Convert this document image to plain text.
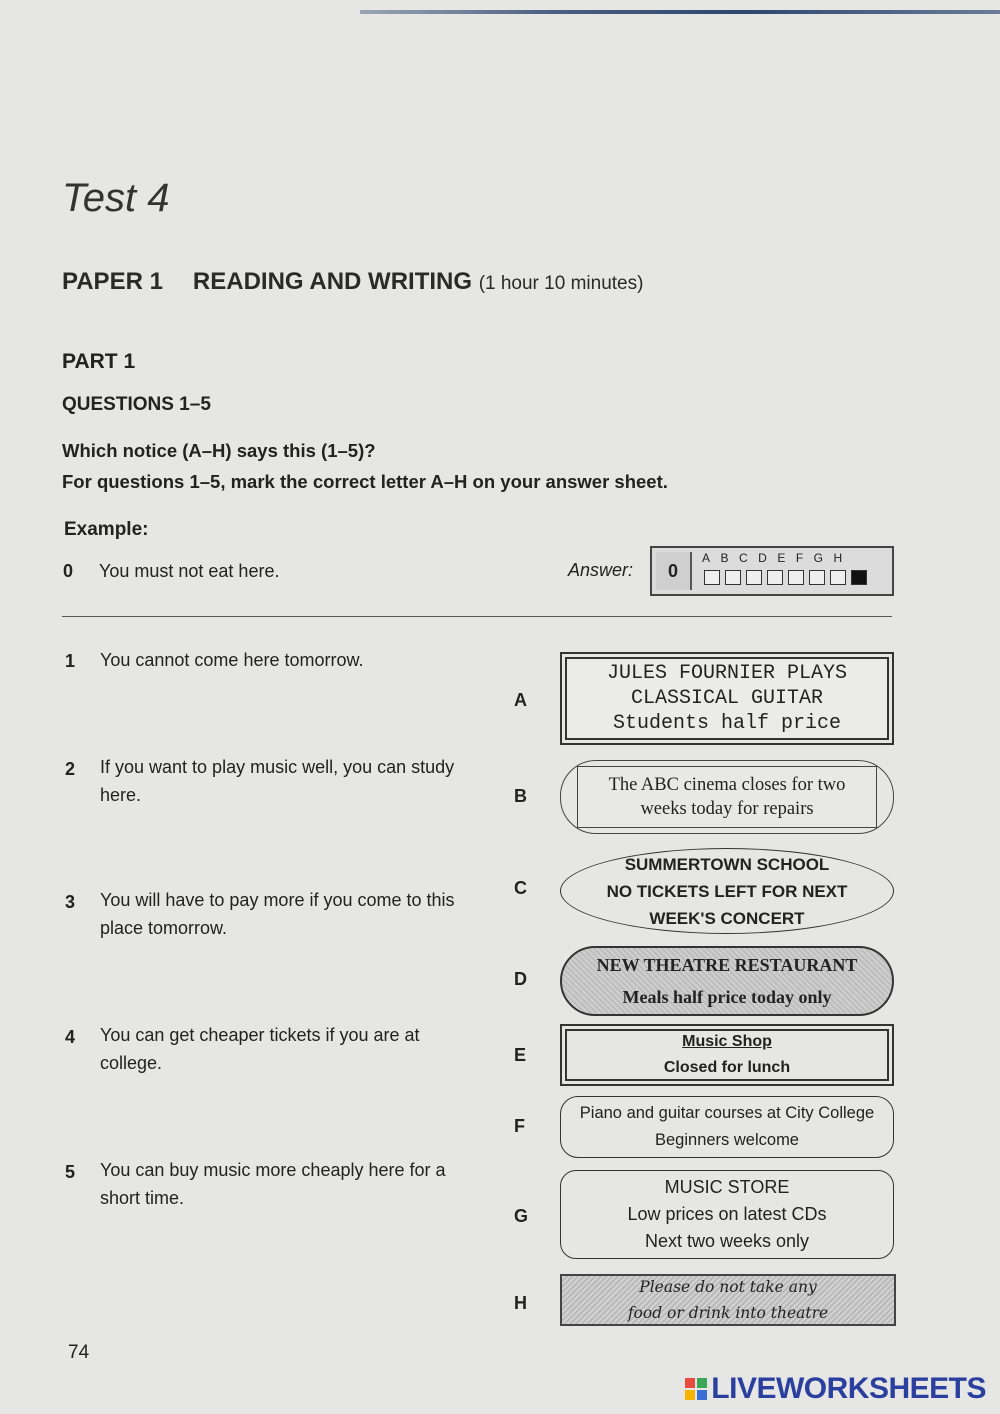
Test 4
PAPER 1 READING AND WRITING (1 hour 10 minutes)
PART 1
QUESTIONS 1–5
Which notice (A–H) says this (1–5)?
For questions 1–5, mark the correct letter A–H on your answer sheet.
Example:
0 You must not eat here.	Answer:	0
ABCDEFGH
1 You cannot come here tomorrow.
2 If you want to play music well, you can study here.
3 You will have to pay more if you come to this place tomorrow.
4 You can get cheaper tickets if you are at college.
5 You can buy music more cheaply here for a short time.
A
B
C
D
E
F
G
H
JULES FOURNIER PLAYS
CLASSICAL GUITAR
Students half price
The ABC cinema closes for two
weeks today for repairs
SUMMERTOWN SCHOOL
NO TICKETS LEFT FOR NEXT
WEEK'S CONCERT
NEW THEATRE RESTAURANT
Meals half price today only
Music Shop
Closed for lunch
Piano and guitar courses at City College
Beginners welcome
MUSIC STORE
Low prices on latest CDs
Next two weeks only
Please do not take any
food or drink into theatre
74
LIVEWORKSHEETS
